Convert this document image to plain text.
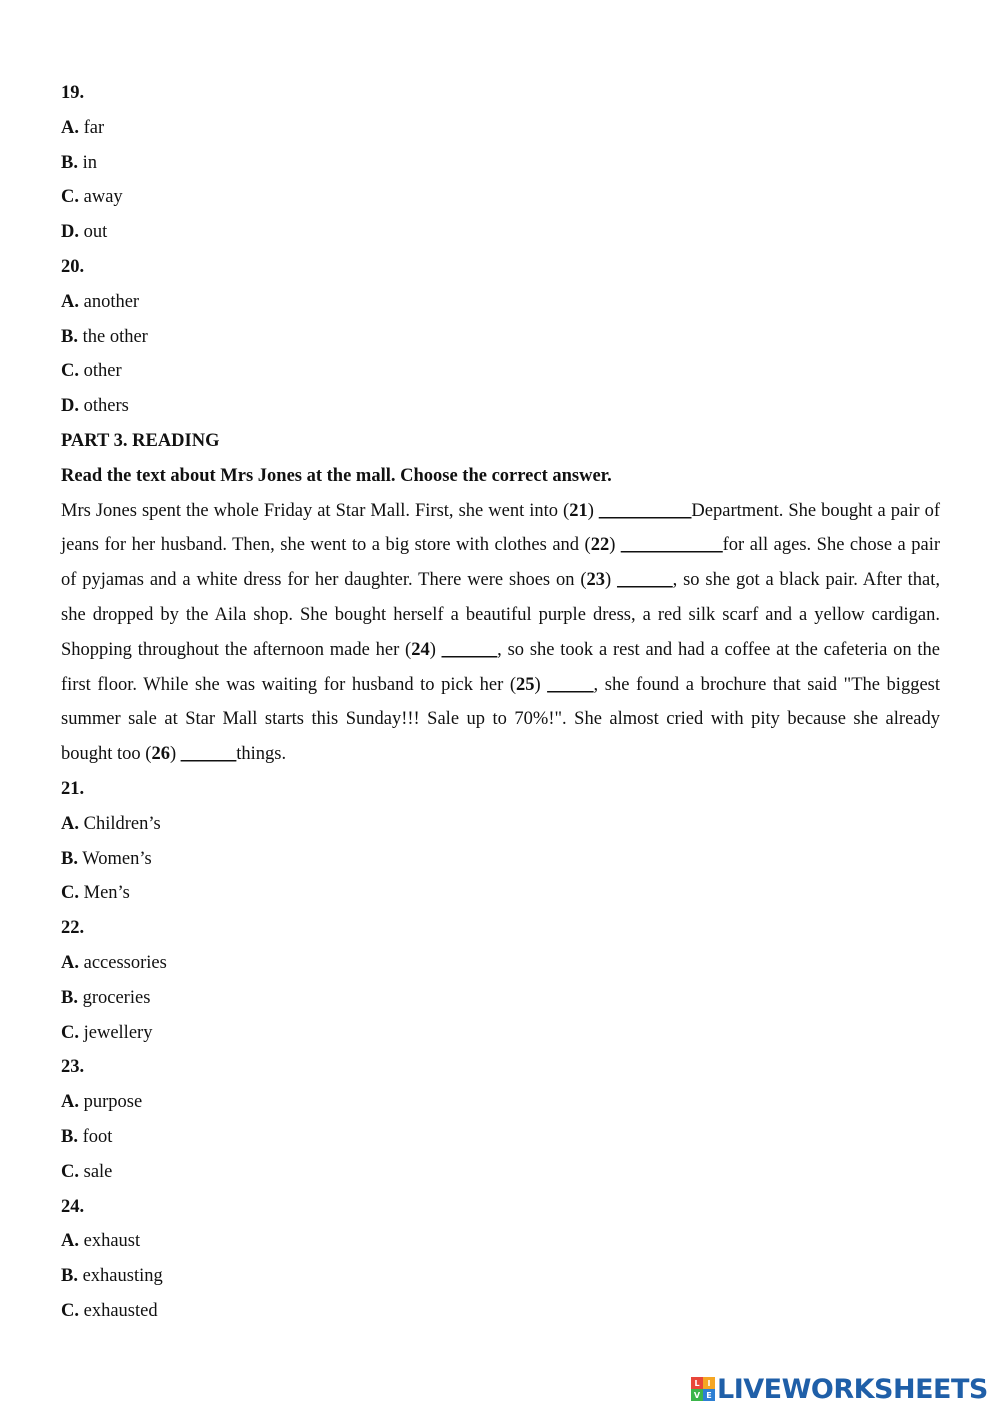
19.
A. far
B. in
C. away
D. out
20.
A. another
B. the other
C. other
D. others
PART 3. READING
Read the text about Mrs Jones at the mall. Choose the correct answer.
Mrs Jones spent the whole Friday at Star Mall. First, she went into (21) __________Department. She bought a pair of jeans for her husband. Then, she went to a big store with clothes and (22) ___________for all ages. She chose a pair of pyjamas and a white dress for her daughter. There were shoes on (23) ______, so she got a black pair. After that, she dropped by the Aila shop. She bought herself a beautiful purple dress, a red silk scarf and a yellow cardigan. Shopping throughout the afternoon made her (24) ______, so she took a rest and had a coffee at the cafeteria on the first floor. While she was waiting for husband to pick her (25) _____, she found a brochure that said "The biggest summer sale at Star Mall starts this Sunday!!! Sale up to 70%!". She almost cried with pity because she already bought too (26) ______things.
21.
A. Children’s
B. Women’s
C. Men’s
22.
A. accessories
B. groceries
C. jewellery
23.
A. purpose
B. foot
C. sale
24.
A. exhaust
B. exhausting
C. exhausted
L I
V E LIVEWORKSHEETS
